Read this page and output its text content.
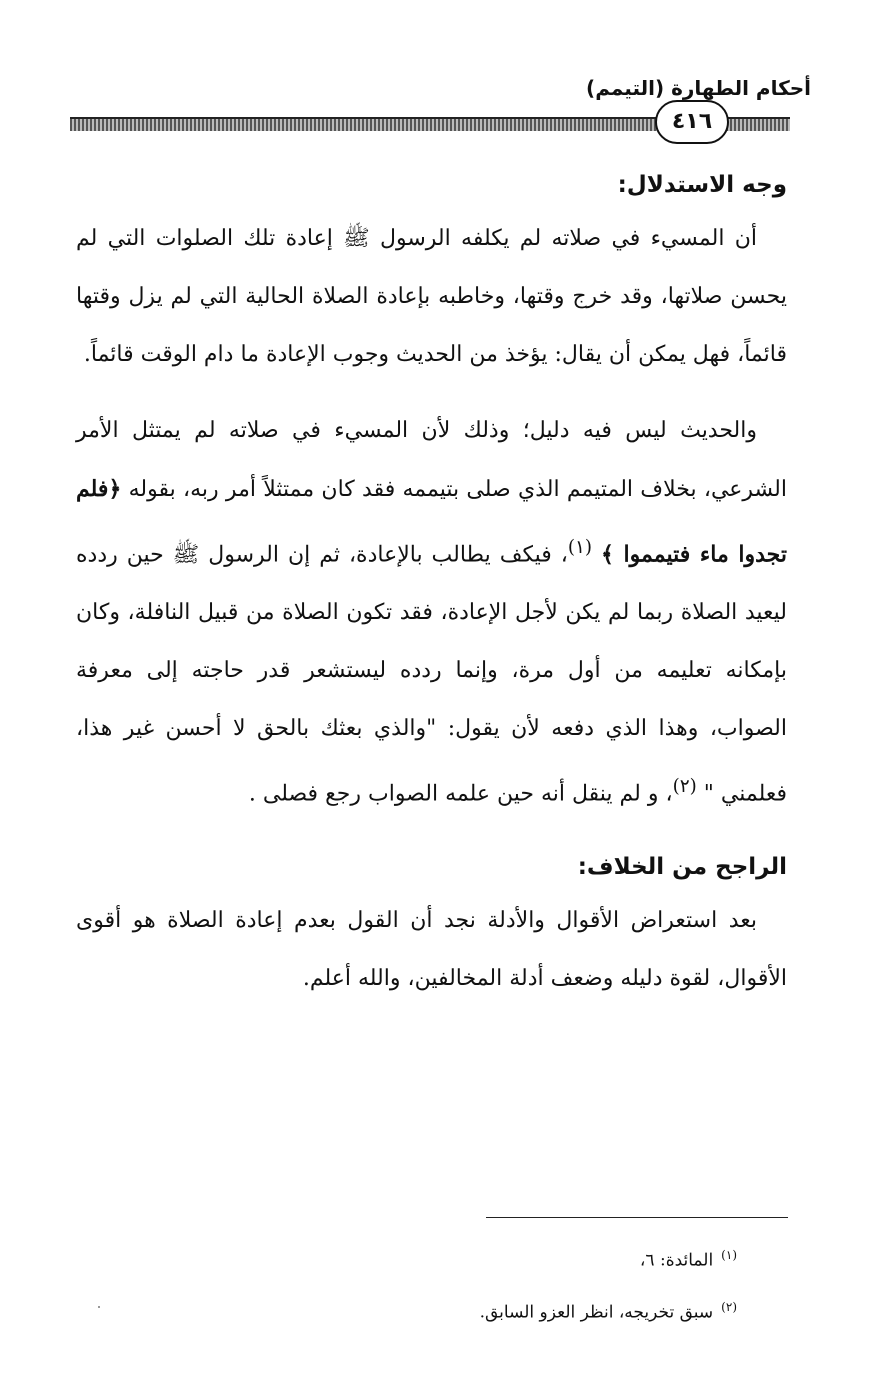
أحكام الطهارة (التيمم)
٤١٦
وجه الاستدلال:

أن المسيء في صلاته لم يكلفه الرسول ﷺ إعادة تلك الصلوات التي لم يحسن صلاتها، وقد خرج وقتها، وخاطبه بإعادة الصلاة الحالية التي لم يزل وقتها قائماً، فهل يمكن أن يقال: يؤخذ من الحديث وجوب الإعادة ما دام الوقت قائماً.

والحديث ليس فيه دليل؛ وذلك لأن المسيء في صلاته لم يمتثل الأمر الشرعي، بخلاف المتيمم الذي صلى بتيممه فقد كان ممتثلاً أمر ربه، بقوله ﴿فلم تجدوا ماء فتيمموا ﴾ $^{(١)}$، فيكف يطالب بالإعادة، ثم إن الرسول ﷺ حين ردده ليعيد الصلاة ربما لم يكن لأجل الإعادة، فقد تكون الصلاة من قبيل النافلة، وكان بإمكانه تعليمه من أول مرة، وإنما ردده ليستشعر قدر حاجته إلى معرفة الصواب، وهذا الذي دفعه لأن يقول: "والذي بعثك بالحق لا أحسن غير هذا، فعلمني " $^{(٢)}$، و لم ينقل أنه حين علمه الصواب رجع فصلى .

الراجح من الخلاف:

بعد استعراض الأقوال والأدلة نجد أن القول بعدم إعادة الصلاة هو أقوى الأقوال، لقوة دليله وضعف أدلة المخالفين، والله أعلم.

$^{(١)}$المائدة: ٦،
$^{(٢)}$سبق تخريجه، انظر العزو السابق.
